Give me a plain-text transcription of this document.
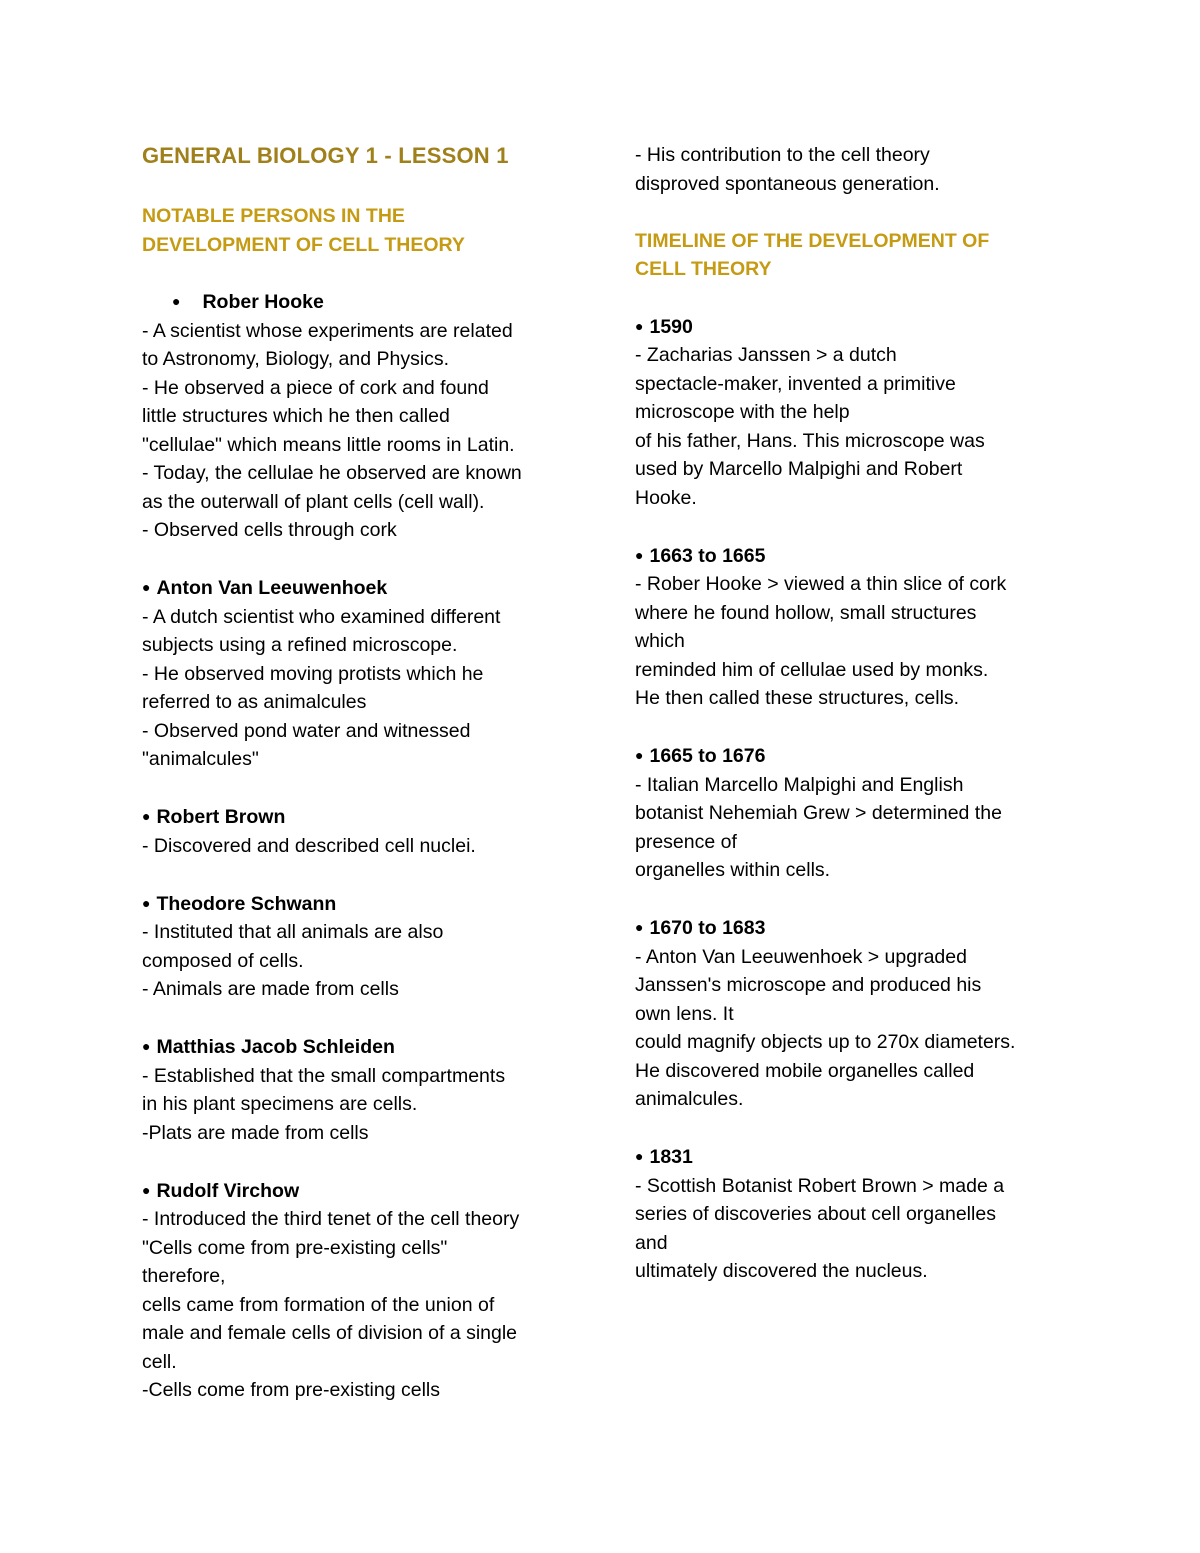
GENERAL BIOLOGY 1 - LESSON 1
NOTABLE PERSONS IN THE
DEVELOPMENT OF CELL THEORY
● Rober Hooke
- A scientist whose experiments are related
to Astronomy, Biology, and Physics.
- He observed a piece of cork and found
little structures which he then called
"cellulae" which means little rooms in Latin.
- Today, the cellulae he observed are known
as the outerwall of plant cells (cell wall).
- Observed cells through cork
● Anton Van Leeuwenhoek
- A dutch scientist who examined different
subjects using a refined microscope.
- He observed moving protists which he
referred to as animalcules
- Observed pond water and witnessed
"animalcules"
● Robert Brown
- Discovered and described cell nuclei.
● Theodore Schwann
- Instituted that all animals are also
composed of cells.
- Animals are made from cells
● Matthias Jacob Schleiden
- Established that the small compartments
in his plant specimens are cells.
-Plats are made from cells
● Rudolf Virchow
- Introduced the third tenet of the cell theory
"Cells come from pre-existing cells"
therefore,
cells came from formation of the union of
male and female cells of division of a single
cell.
-Cells come from pre-existing cells
- His contribution to the cell theory
disproved spontaneous generation.
TIMELINE OF THE DEVELOPMENT OF
CELL THEORY
● 1590
- Zacharias Janssen > a dutch
spectacle-maker, invented a primitive
microscope with the help
of his father, Hans. This microscope was
used by Marcello Malpighi and Robert
Hooke.
● 1663 to 1665
- Rober Hooke > viewed a thin slice of cork
where he found hollow, small structures
which
reminded him of cellulae used by monks.
He then called these structures, cells.
● 1665 to 1676
- Italian Marcello Malpighi and English
botanist Nehemiah Grew > determined the
presence of
organelles within cells.
● 1670 to 1683
- Anton Van Leeuwenhoek > upgraded
Janssen's microscope and produced his
own lens. It
could magnify objects up to 270x diameters.
He discovered mobile organelles called
animalcules.
● 1831
- Scottish Botanist Robert Brown > made a
series of discoveries about cell organelles
and
ultimately discovered the nucleus.
